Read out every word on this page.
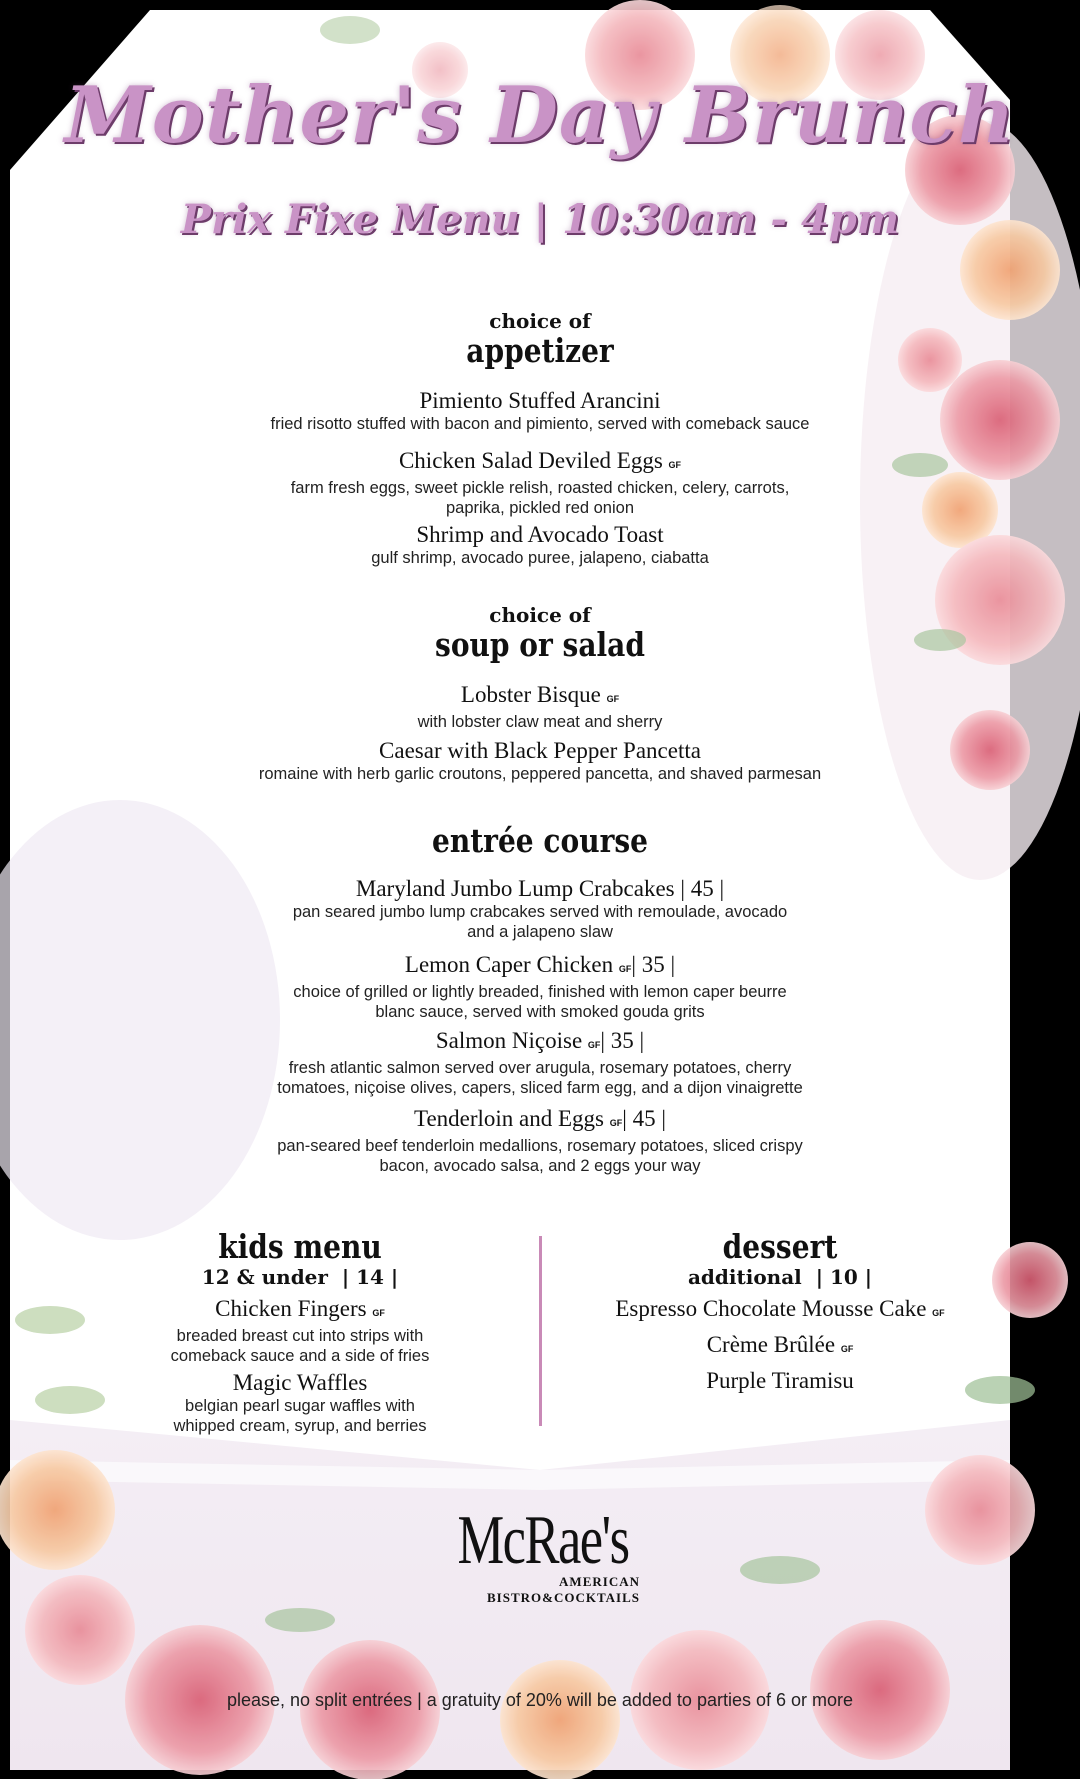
Mother's Day Brunch
Prix Fixe Menu | 10:30am - 4pm
choice of
appetizer
Pimiento Stuffed Arancini
fried risotto stuffed with bacon and pimiento, served with comeback sauce
Chicken Salad Deviled Eggs GF
farm fresh eggs, sweet pickle relish, roasted chicken, celery, carrots,
paprika, pickled red onion
Shrimp and Avocado Toast
gulf shrimp, avocado puree, jalapeno, ciabatta
choice of
soup or salad
Lobster Bisque GF
with lobster claw meat and sherry
Caesar with Black Pepper Pancetta
romaine with herb garlic croutons, peppered pancetta, and shaved parmesan
entrée course
Maryland Jumbo Lump Crabcakes | 45 |
pan seared jumbo lump crabcakes served with remoulade, avocado
and a jalapeno slaw
Lemon Caper Chicken GF| 35 |
choice of grilled or lightly breaded, finished with lemon caper beurre
blanc sauce, served with smoked gouda grits
Salmon Niçoise GF| 35 |
fresh atlantic salmon served over arugula, rosemary potatoes, cherry
tomatoes, niçoise olives, capers, sliced farm egg, and a dijon vinaigrette
Tenderloin and Eggs GF| 45 |
pan-seared beef tenderloin medallions, rosemary potatoes, sliced crispy
bacon, avocado salsa, and 2 eggs your way
kids menu
12 & under | 14 |
Chicken Fingers GF
breaded breast cut into strips with
comeback sauce and a side of fries
Magic Waffles
belgian pearl sugar waffles with
whipped cream, syrup, and berries
dessert
additional | 10 |
Espresso Chocolate Mousse Cake GF
Crème Brûlée GF
Purple Tiramisu
McRae's
AMERICAN
BISTRO&COCKTAILS
please, no split entrées | a gratuity of 20% will be added to parties of 6 or more
